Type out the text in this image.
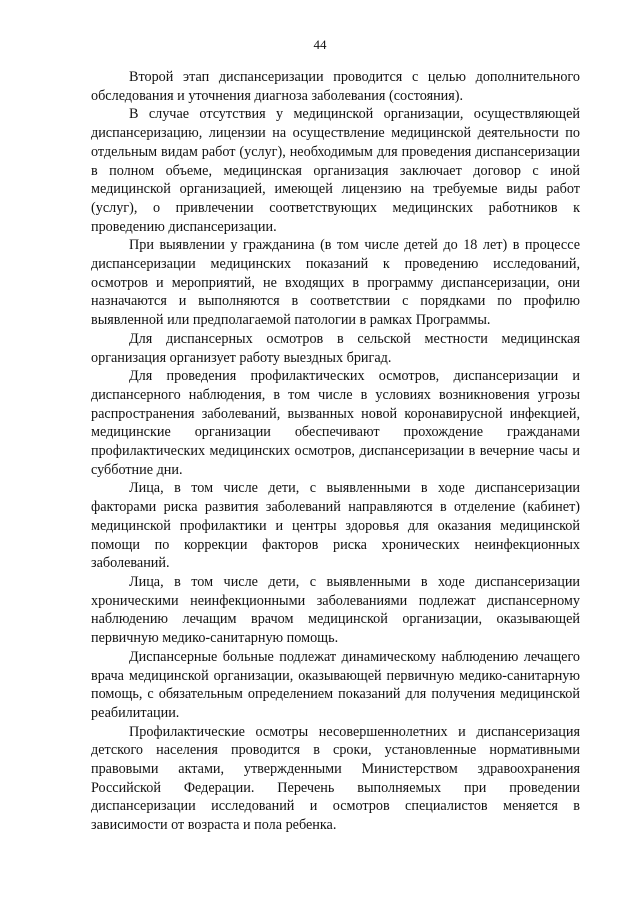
44

Второй этап диспансеризации проводится с целью дополнительного обследования и уточнения диагноза заболевания (состояния).

В случае отсутствия у медицинской организации, осуществляющей диспансеризацию, лицензии на осуществление медицинской деятельности по отдельным видам работ (услуг), необходимым для проведения диспансеризации в полном объеме, медицинская организация заключает договор с иной медицинской организацией, имеющей лицензию на требуемые виды работ (услуг), о привлечении соответствующих медицинских работников к проведению диспансеризации.

При выявлении у гражданина (в том числе детей до 18 лет) в процессе диспансеризации медицинских показаний к проведению исследований, осмотров и мероприятий, не входящих в программу диспансеризации, они назначаются и выполняются в соответствии с порядками по профилю выявленной или предполагаемой патологии в рамках Программы.

Для диспансерных осмотров в сельской местности медицинская организация организует работу выездных бригад.

Для проведения профилактических осмотров, диспансеризации и диспансерного наблюдения, в том числе в условиях возникновения угрозы распространения заболеваний, вызванных новой коронавирусной инфекцией, медицинские организации обеспечивают прохождение гражданами профилактических медицинских осмотров, диспансеризации в вечерние часы и субботние дни.

Лица, в том числе дети, с выявленными в ходе диспансеризации факторами риска развития заболеваний направляются в отделение (кабинет) медицинской профилактики и центры здоровья для оказания медицинской помощи по коррекции факторов риска хронических неинфекционных заболеваний.

Лица, в том числе дети, с выявленными в ходе диспансеризации хроническими неинфекционными заболеваниями подлежат диспансерному наблюдению лечащим врачом медицинской организации, оказывающей первичную медико-санитарную помощь.

Диспансерные больные подлежат динамическому наблюдению лечащего врача медицинской организации, оказывающей первичную медико-санитарную помощь, с обязательным определением показаний для получения медицинской реабилитации.

Профилактические осмотры несовершеннолетних и диспансеризация детского населения проводится в сроки, установленные нормативными правовыми актами, утвержденными Министерством здравоохранения Российской Федерации. Перечень выполняемых при проведении диспансеризации исследований и осмотров специалистов меняется в зависимости от возраста и пола ребенка.
